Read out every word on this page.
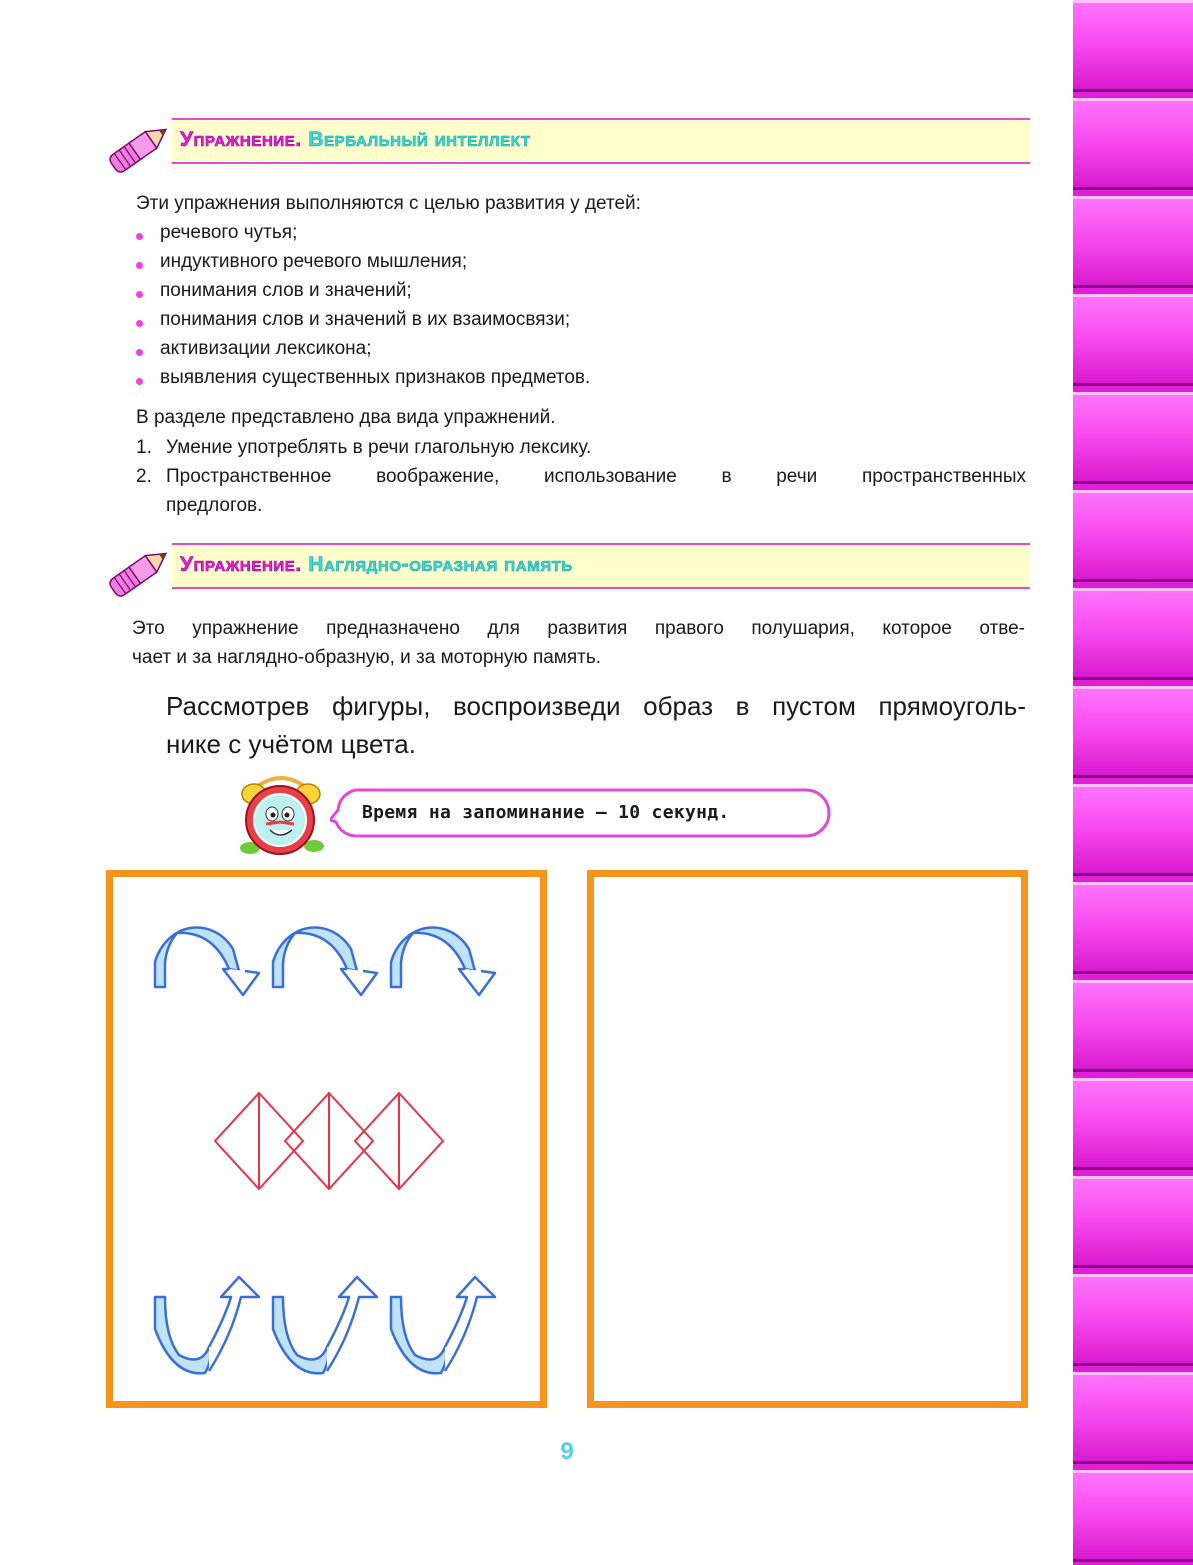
Упражнение. Вербальный интеллект
Эти упражнения выполняются с целью развития у детей:
речевого чутья;
индуктивного речевого мышления;
понимания слов и значений;
понимания слов и значений в их взаимосвязи;
активизации лексикона;
выявления существенных признаков предметов.
В разделе представлено два вида упражнений.
1. Умение употреблять в речи глагольную лексику.
2. Пространственное воображение, использование в речи пространственных
предлогов.
Упражнение. Наглядно-образная память
Это упражнение предназначено для развития правого полушария, которое отве-
чает и за наглядно-образную, и за моторную память.
Рассмотрев фигуры, воспроизведи образ в пустом прямоуголь-
нике с учётом цвета.
Время на запоминание — 10 секунд.
9
